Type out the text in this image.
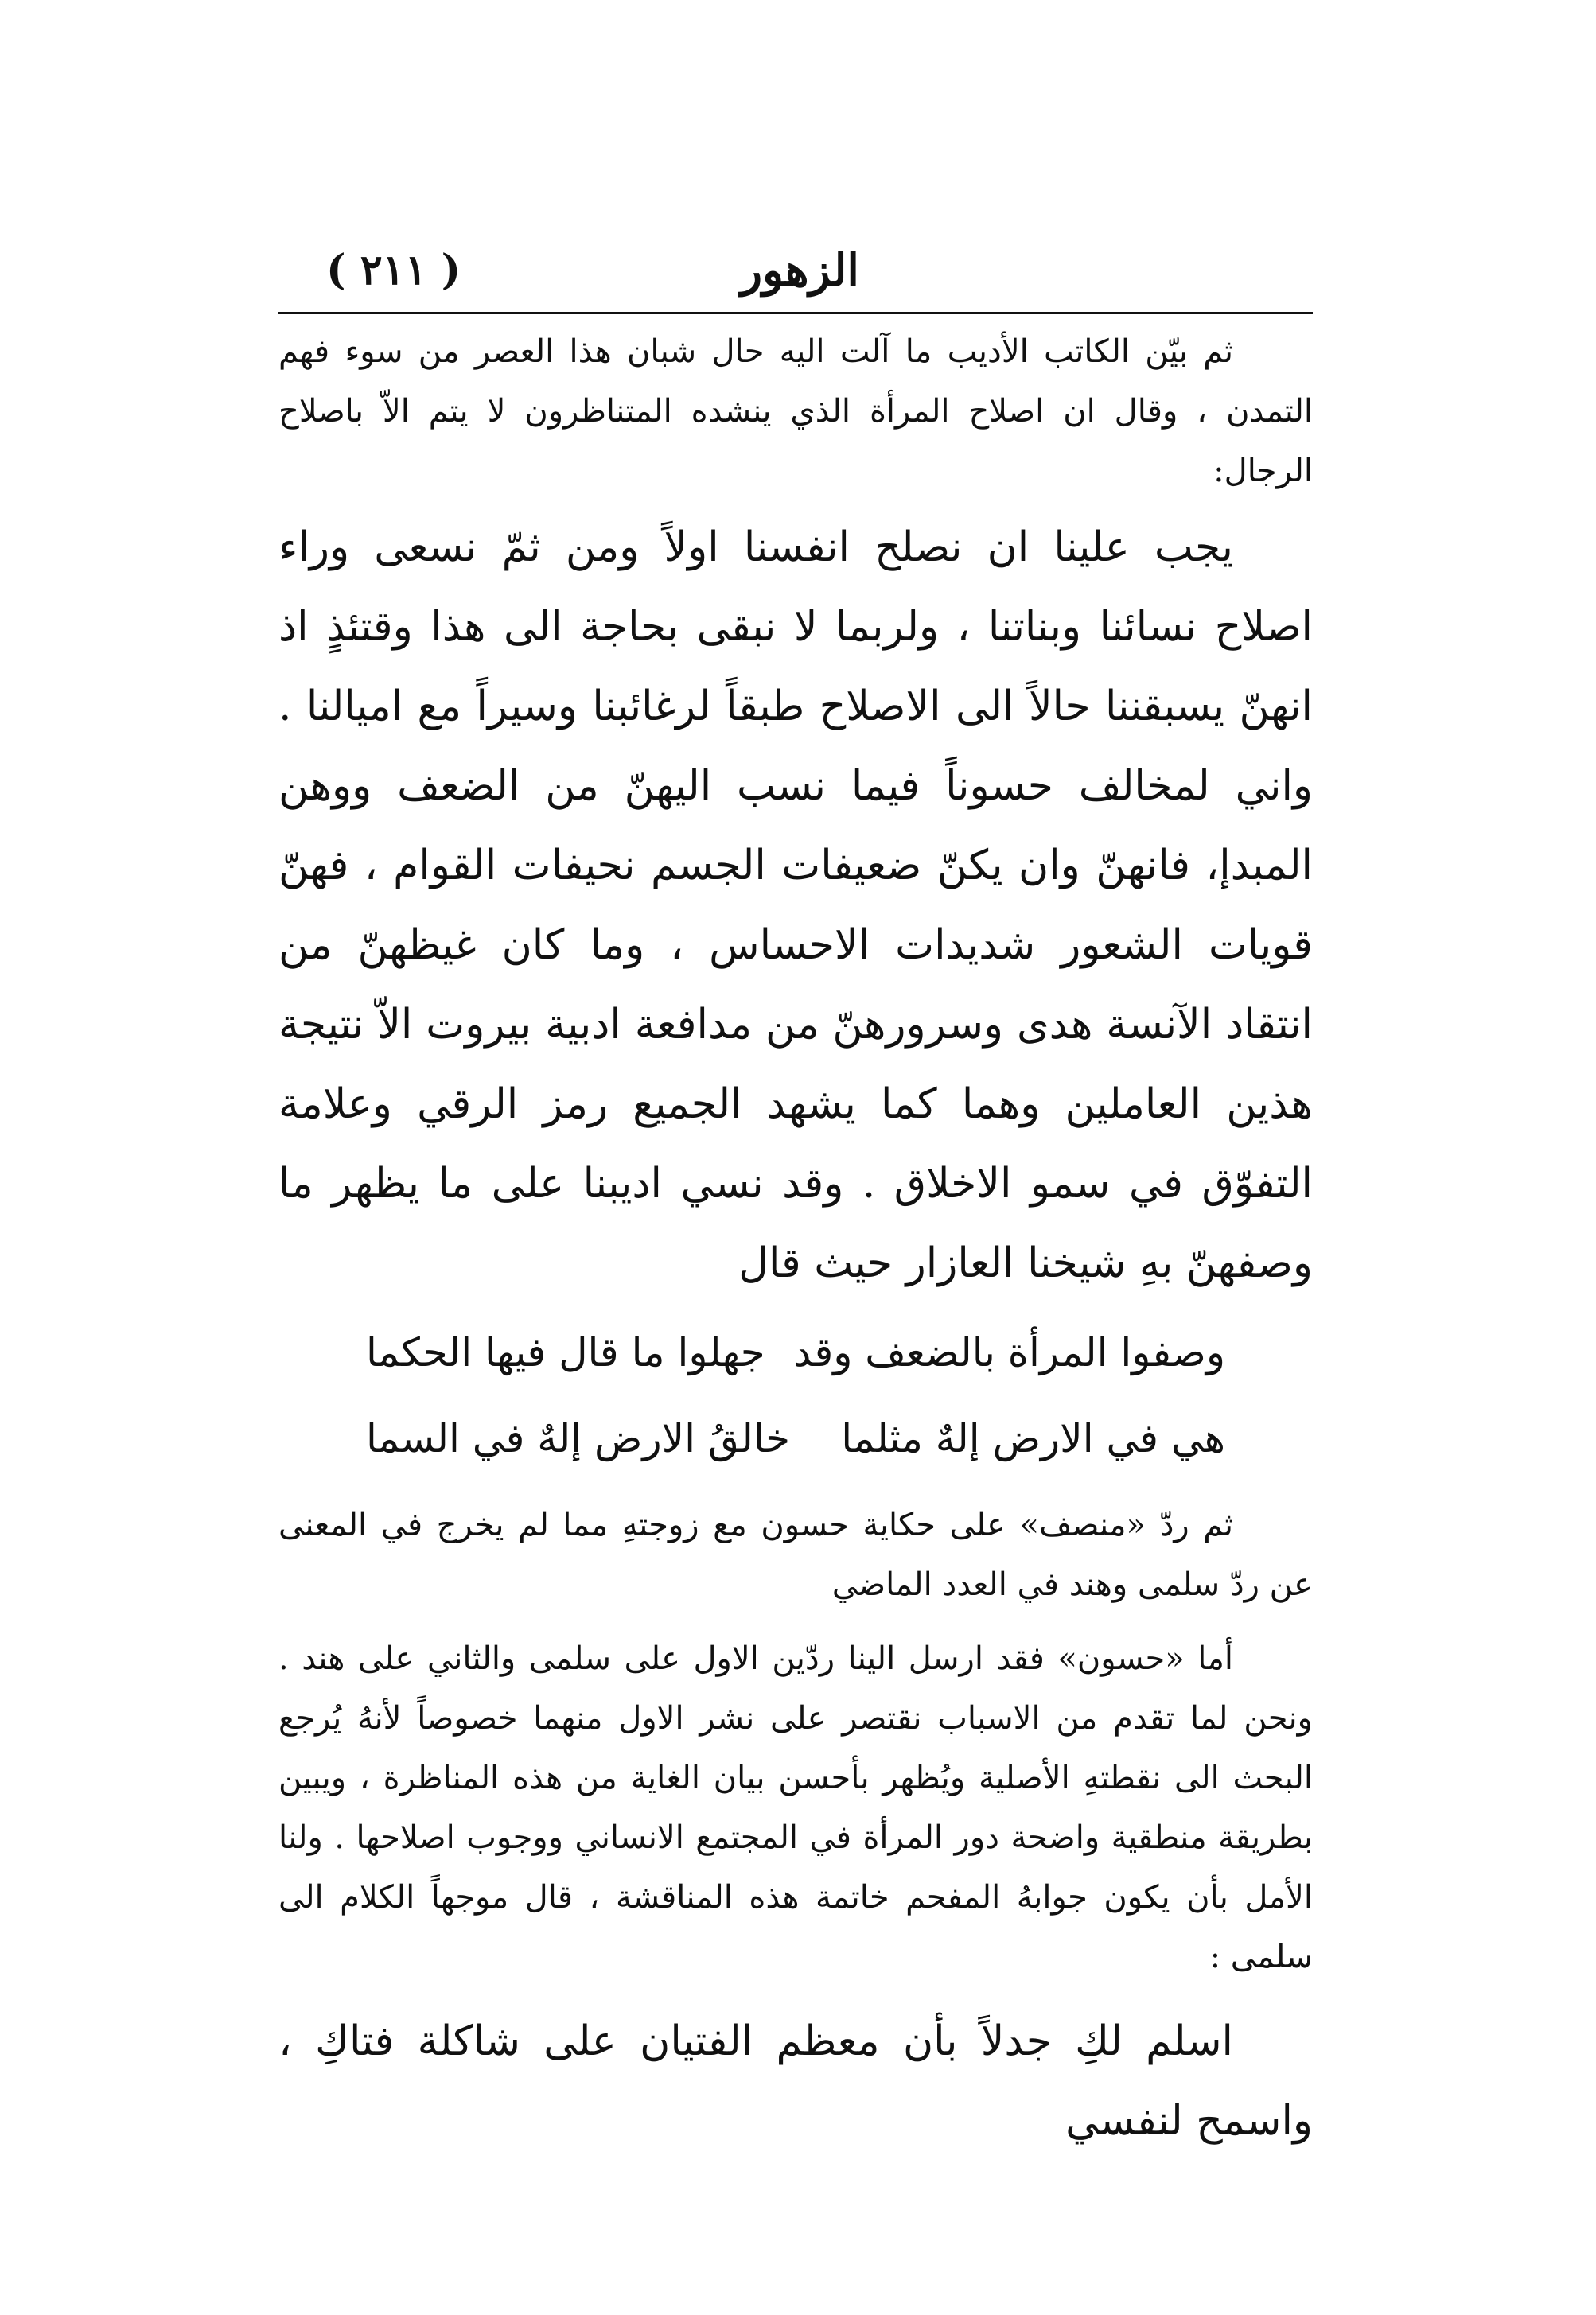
الزهور
( ٢١١ )

ثم بيّن الكاتب الأديب ما آلت اليه حال شبان هذا العصر من سوء فهم التمدن ، وقال ان اصلاح المرأة الذي ينشده المتناظرون لا يتم الاّ باصلاح الرجال:

يجب علينا ان نصلح انفسنا اولاً ومن ثمّ نسعى وراء اصلاح نسائنا وبناتنا ، ولربما لا نبقى بحاجة الى هذا وقتئذٍ اذ انهنّ يسبقننا حالاً الى الاصلاح طبقاً لرغائبنا وسيراً مع اميالنا . واني لمخالف حسوناً فيما نسب اليهنّ من الضعف ووهن المبدإ، فانهنّ وان يكنّ ضعيفات الجسم نحيفات القوام ، فهنّ قويات الشعور شديدات الاحساس ، وما كان غيظهنّ من انتقاد الآنسة هدى وسرورهنّ من مدافعة ادبية بيروت الاّ نتيجة هذين العاملين وهما كما يشهد الجميع رمز الرقي وعلامة التفوّق في سمو الاخلاق . وقد نسي اديبنا على ما يظهر ما وصفهنّ بهِ شيخنا العازار حيث قال

وصفوا المرأة بالضعف وقد
جهلوا ما قال فيها الحكما
هي في الارض إلهٌ مثلما
خالقُ الارض إلهٌ في السما

ثم ردّ «منصف» على حكاية حسون مع زوجتهِ مما لم يخرج في المعنى عن ردّ سلمى وهند في العدد الماضي

أما «حسون» فقد ارسل الينا ردّين الاول على سلمى والثاني على هند . ونحن لما تقدم من الاسباب نقتصر على نشر الاول منهما خصوصاً لأنهُ يُرجع البحث الى نقطتهِ الأصلية ويُظهر بأحسن بيان الغاية من هذه المناظرة ، ويبين بطريقة منطقية واضحة دور المرأة في المجتمع الانساني ووجوب اصلاحها . ولنا الأمل بأن يكون جوابهُ المفحم خاتمة هذه المناقشة ، قال موجهاً الكلام الى سلمى :

اسلم لكِ جدلاً بأن معظم الفتيان على شاكلة فتاكِ ، واسمح لنفسي
